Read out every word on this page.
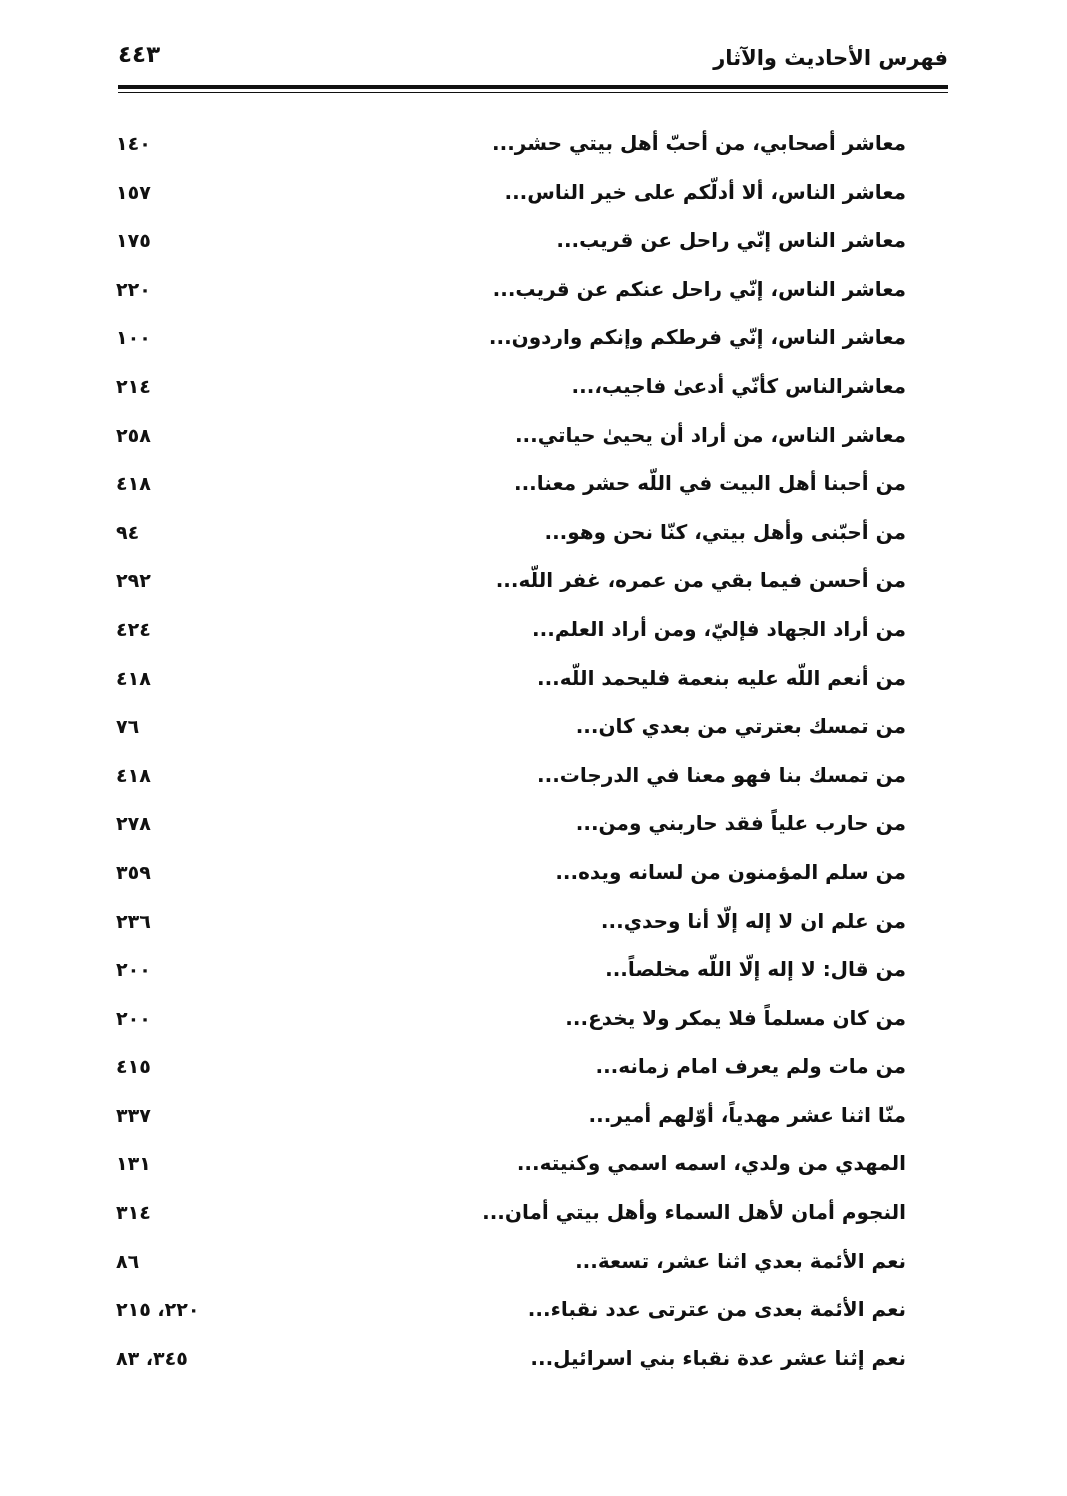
فهرس الأحاديث والآثار
٤٤٣
معاشر أصحابي، من أحبّ أهل بيتي حشر...
١٤٠
معاشر الناس، ألا أدلّكم على خير الناس...
١٥٧
معاشر الناس إنّي راحل عن قريب...
١٧٥
معاشر الناس، إنّي راحل عنكم عن قريب...
٢٢٠
معاشر الناس، إنّي فرطكم وإنكم واردون...
١٠٠
معاشرالناس كأنّي أدعىٰ فاجيب،...
٢١٤
معاشر الناس، من أراد أن يحيىٰ حياتي...
٢٥٨
من أحبنا أهل البيت في اللّه حشر معنا...
٤١٨
من أحبّنى وأهل بيتي، كنّا نحن وهو...
٩٤
من أحسن فيما بقي من عمره، غفر اللّه...
٢٩٢
من أراد الجهاد فإليّ، ومن أراد العلم...
٤٢٤
من أنعم اللّه عليه بنعمة فليحمد اللّه...
٤١٨
من تمسك بعترتي من بعدي كان...
٧٦
من تمسك بنا فهو معنا في الدرجات...
٤١٨
من حارب علياً فقد حاربني ومن...
٢٧٨
من سلم المؤمنون من لسانه ويده...
٣٥٩
من علم ان لا إله إلّا أنا وحدي...
٢٣٦
من قال: لا إله إلّا اللّه مخلصاً...
٢٠٠
من كان مسلماً فلا يمكر ولا يخدع...
٢٠٠
من مات ولم يعرف امام زمانه...
٤١٥
منّا اثنا عشر مهدياً، أوّلهم أمير...
٣٣٧
المهدي من ولدي، اسمه اسمي وكنيته...
١٣١
النجوم أمان لأهل السماء وأهل بيتي أمان...
٣١٤
نعم الأئمة بعدي اثنا عشر، تسعة...
٨٦
نعم الأئمة بعدى من عترتى عدد نقباء...
٢٢٠، ٢١٥
نعم إثنا عشر عدة نقباء بني اسرائيل...
٣٤٥، ٨٣
